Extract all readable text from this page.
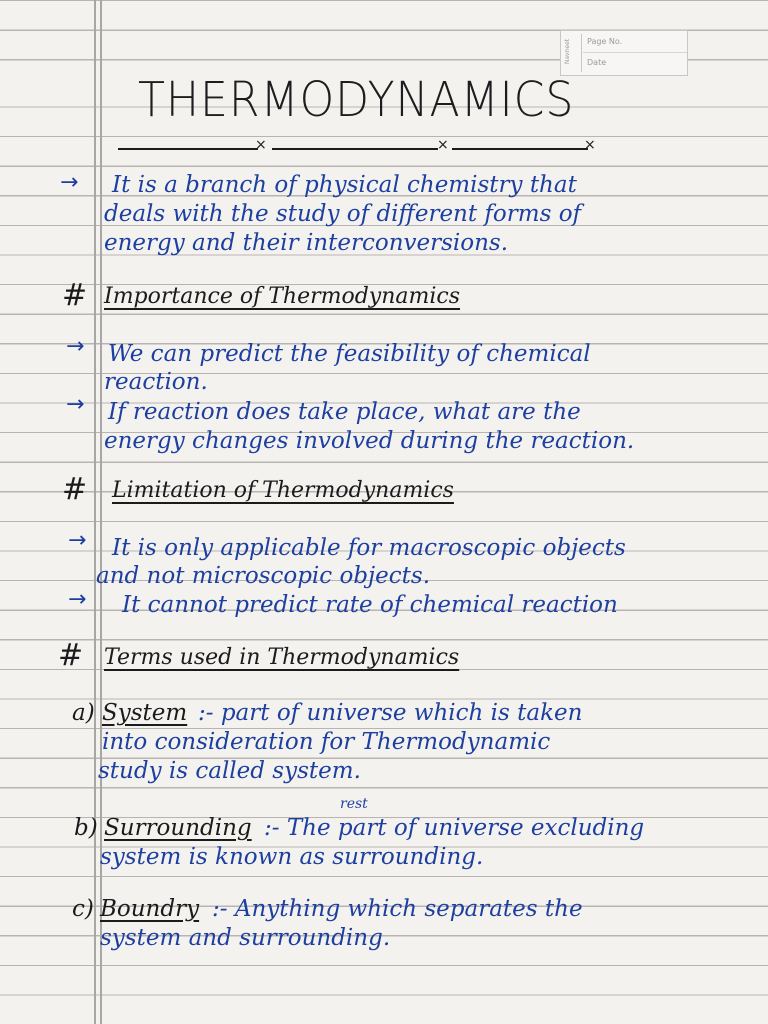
Navneet Page No.
Date
THERMODYNAMICS
×	×	×
→ It is a branch of physical chemistry that
deals with the study of different forms of
energy and their interconversions.
# Importance of Thermodynamics
→ We can predict the feasibility of chemical
reaction.
→ If reaction does take place, what are the
energy changes involved during the reaction.
# Limitation of Thermodynamics
→ It is only applicable for macroscopic objects
and not microscopic objects.
→ It cannot predict rate of chemical reaction
# Terms used in Thermodynamics
a) System :- part of universe which is taken
into consideration for Thermodynamic
study is called system.
rest
b) Surrounding :- The part of universe excluding
system is known as surrounding.
c) Boundry :- Anything which separates the
system and surrounding.
